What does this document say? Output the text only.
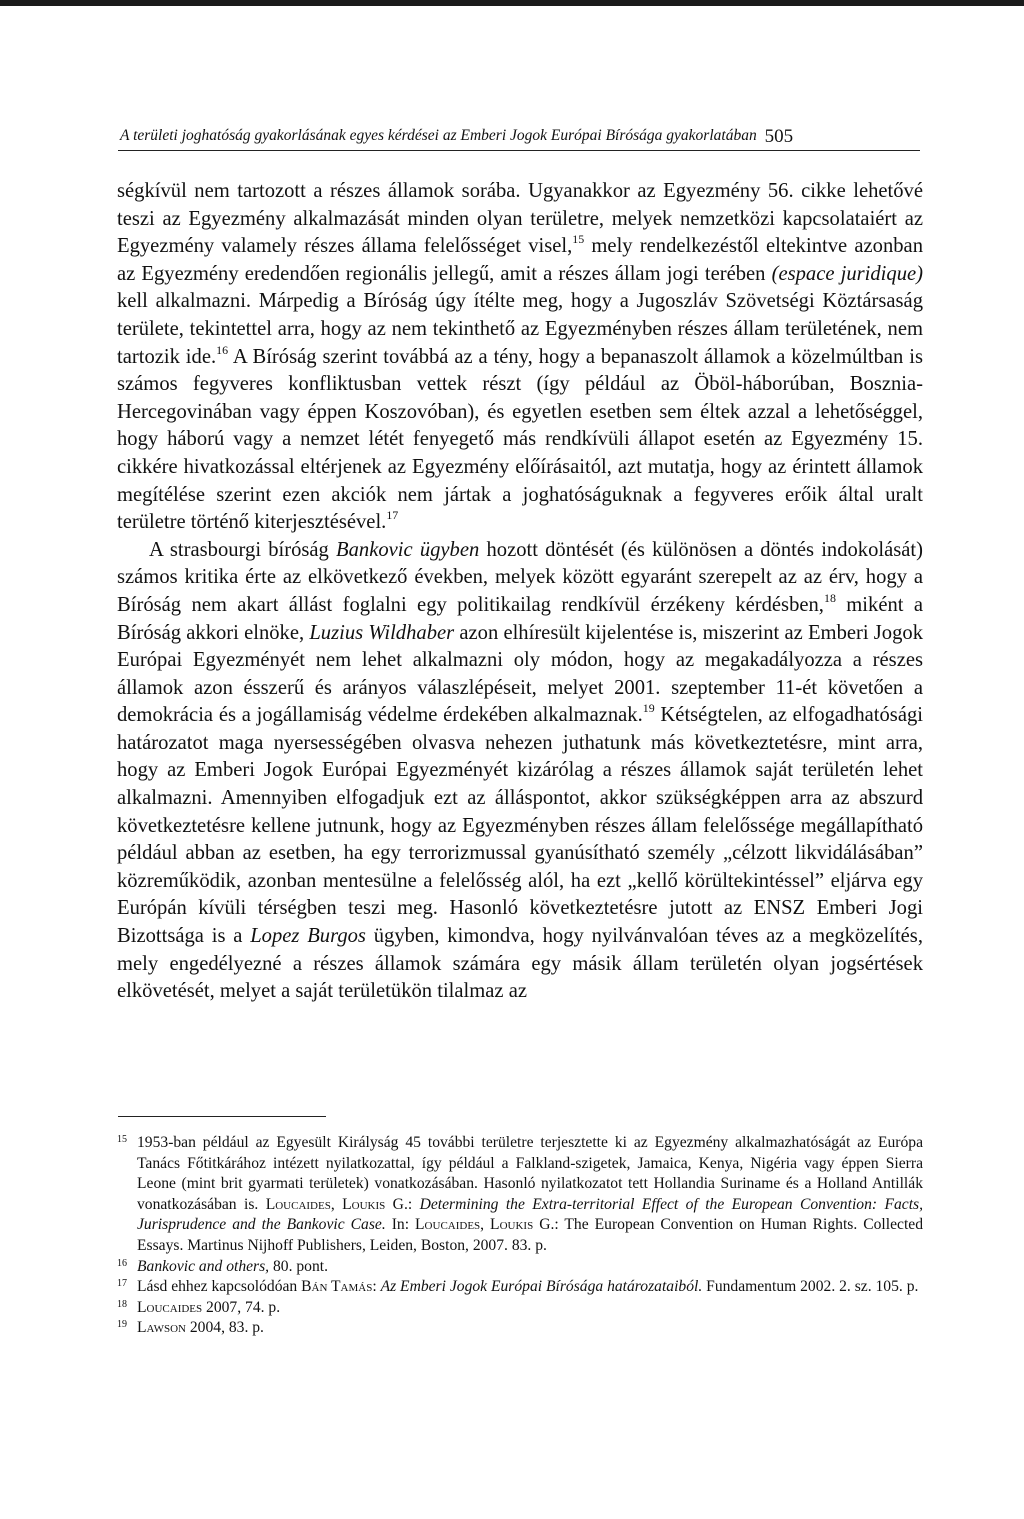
A területi joghatóság gyakorlásának egyes kérdései az Emberi Jogok Európai Bírósága gyakorlatában 505

ségkívül nem tartozott a részes államok sorába. Ugyanakkor az Egyezmény 56. cikke lehetővé teszi az Egyezmény alkalmazását minden olyan területre, melyek nemzetközi kapcsolataiért az Egyezmény valamely részes állama felelősséget visel,$^{15}$ mely rendelkezéstől eltekintve azonban az Egyezmény eredendően regionális jellegű, amit a részes állam jogi terében (espace juridique) kell alkalmazni. Márpedig a Bíróság úgy ítélte meg, hogy a Jugoszláv Szövetségi Köztársaság területe, tekintettel arra, hogy az nem tekinthető az Egyezményben részes állam területének, nem tartozik ide.$^{16}$ A Bíróság szerint továbbá az a tény, hogy a bepanaszolt államok a közelmúltban is számos fegyveres konfliktusban vettek részt (így például az Öböl-háborúban, Bosznia-Hercegovinában vagy éppen Koszovóban), és egyetlen esetben sem éltek azzal a lehetőséggel, hogy háború vagy a nemzet létét fenyegető más rendkívüli állapot esetén az Egyezmény 15. cikkére hivatkozással eltérjenek az Egyezmény előírásaitól, azt mutatja, hogy az érintett államok megítélése szerint ezen akciók nem jártak a joghatóságuknak a fegyveres erőik által uralt területre történő kiterjesztésével.$^{17}$

A strasbourgi bíróság Bankovic ügyben hozott döntését (és különösen a döntés indokolását) számos kritika érte az elkövetkező években, melyek között egyaránt szerepelt az az érv, hogy a Bíróság nem akart állást foglalni egy politikailag rendkívül érzékeny kérdésben,$^{18}$ miként a Bíróság akkori elnöke, Luzius Wildhaber azon elhíresült kijelentése is, miszerint az Emberi Jogok Európai Egyezményét nem lehet alkalmazni oly módon, hogy az megakadályozza a részes államok azon ésszerű és arányos válaszlépéseit, melyet 2001. szeptember 11-ét követően a demokrácia és a jogállamiság védelme érdekében alkalmaznak.$^{19}$ Kétségtelen, az elfogadhatósági határozatot maga nyersességében olvasva nehezen juthatunk más következtetésre, mint arra, hogy az Emberi Jogok Európai Egyezményét kizárólag a részes államok saját területén lehet alkalmazni. Amennyiben elfogadjuk ezt az álláspontot, akkor szükségképpen arra az abszurd következtetésre kellene jutnunk, hogy az Egyezményben részes állam felelőssége megállapítható például abban az esetben, ha egy terrorizmussal gyanúsítható személy „célzott likvidálásában” közreműködik, azonban mentesülne a felelősség alól, ha ezt „kellő körültekintéssel” eljárva egy Európán kívüli térségben teszi meg. Hasonló következtetésre jutott az ENSZ Emberi Jogi Bizottsága is a Lopez Burgos ügyben, kimondva, hogy nyilvánvalóan téves az a megközelítés, mely engedélyezné a részes államok számára egy másik állam területén olyan jogsértések elkövetését, melyet a saját területükön tilalmaz az

15 1953-ban például az Egyesült Királyság 45 további területre terjesztette ki az Egyezmény alkalmazhatóságát az Európa Tanács Főtitkárához intézett nyilatkozattal, így például a Falkland-szigetek, Jamaica, Kenya, Nigéria vagy éppen Sierra Leone (mint brit gyarmati területek) vonatkozásában. Hasonló nyilatkozatot tett Hollandia Suriname és a Holland Antillák vonatkozásában is. Loucaides, Loukis G.: Determining the Extra-territorial Effect of the European Convention: Facts, Jurisprudence and the Bankovic Case. In: Loucaides, Loukis G.: The European Convention on Human Rights. Collected Essays. Martinus Nijhoff Publishers, Leiden, Boston, 2007. 83. p.
16 Bankovic and others, 80. pont.
17 Lásd ehhez kapcsolódóan Bán Tamás: Az Emberi Jogok Európai Bírósága határozataiból. Fundamentum 2002. 2. sz. 105. p.
18 Loucaides 2007, 74. p.
19 Lawson 2004, 83. p.
